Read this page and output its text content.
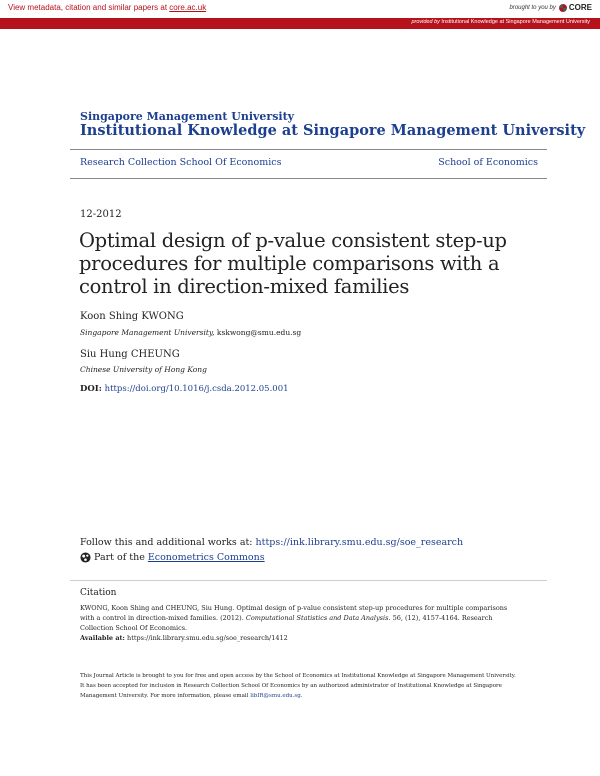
View metadata, citation and similar papers at core.ac.uk	brought to you by CORE
provided by Institutional Knowledge at Singapore Management University
Singapore Management University
Institutional Knowledge at Singapore Management University
Research Collection School Of Economics	School of Economics
12-2012
Optimal design of p-value consistent step-up procedures for multiple comparisons with a control in direction-mixed families
Koon Shing KWONG
Singapore Management University, kskwong@smu.edu.sg
Siu Hung CHEUNG
Chinese University of Hong Kong
DOI: https://doi.org/10.1016/j.csda.2012.05.001
Follow this and additional works at: https://ink.library.smu.edu.sg/soe_research
Part of the Econometrics Commons
Citation
KWONG, Koon Shing and CHEUNG, Siu Hung. Optimal design of p-value consistent step-up procedures for multiple comparisons with a control in direction-mixed families. (2012). Computational Statistics and Data Analysis. 56, (12), 4157-4164. Research Collection School Of Economics.
Available at: https://ink.library.smu.edu.sg/soe_research/1412
This Journal Article is brought to you for free and open access by the School of Economics at Institutional Knowledge at Singapore Management University. It has been accepted for inclusion in Research Collection School Of Economics by an authorized administrator of Institutional Knowledge at Singapore Management University. For more information, please email libIR@smu.edu.sg.
